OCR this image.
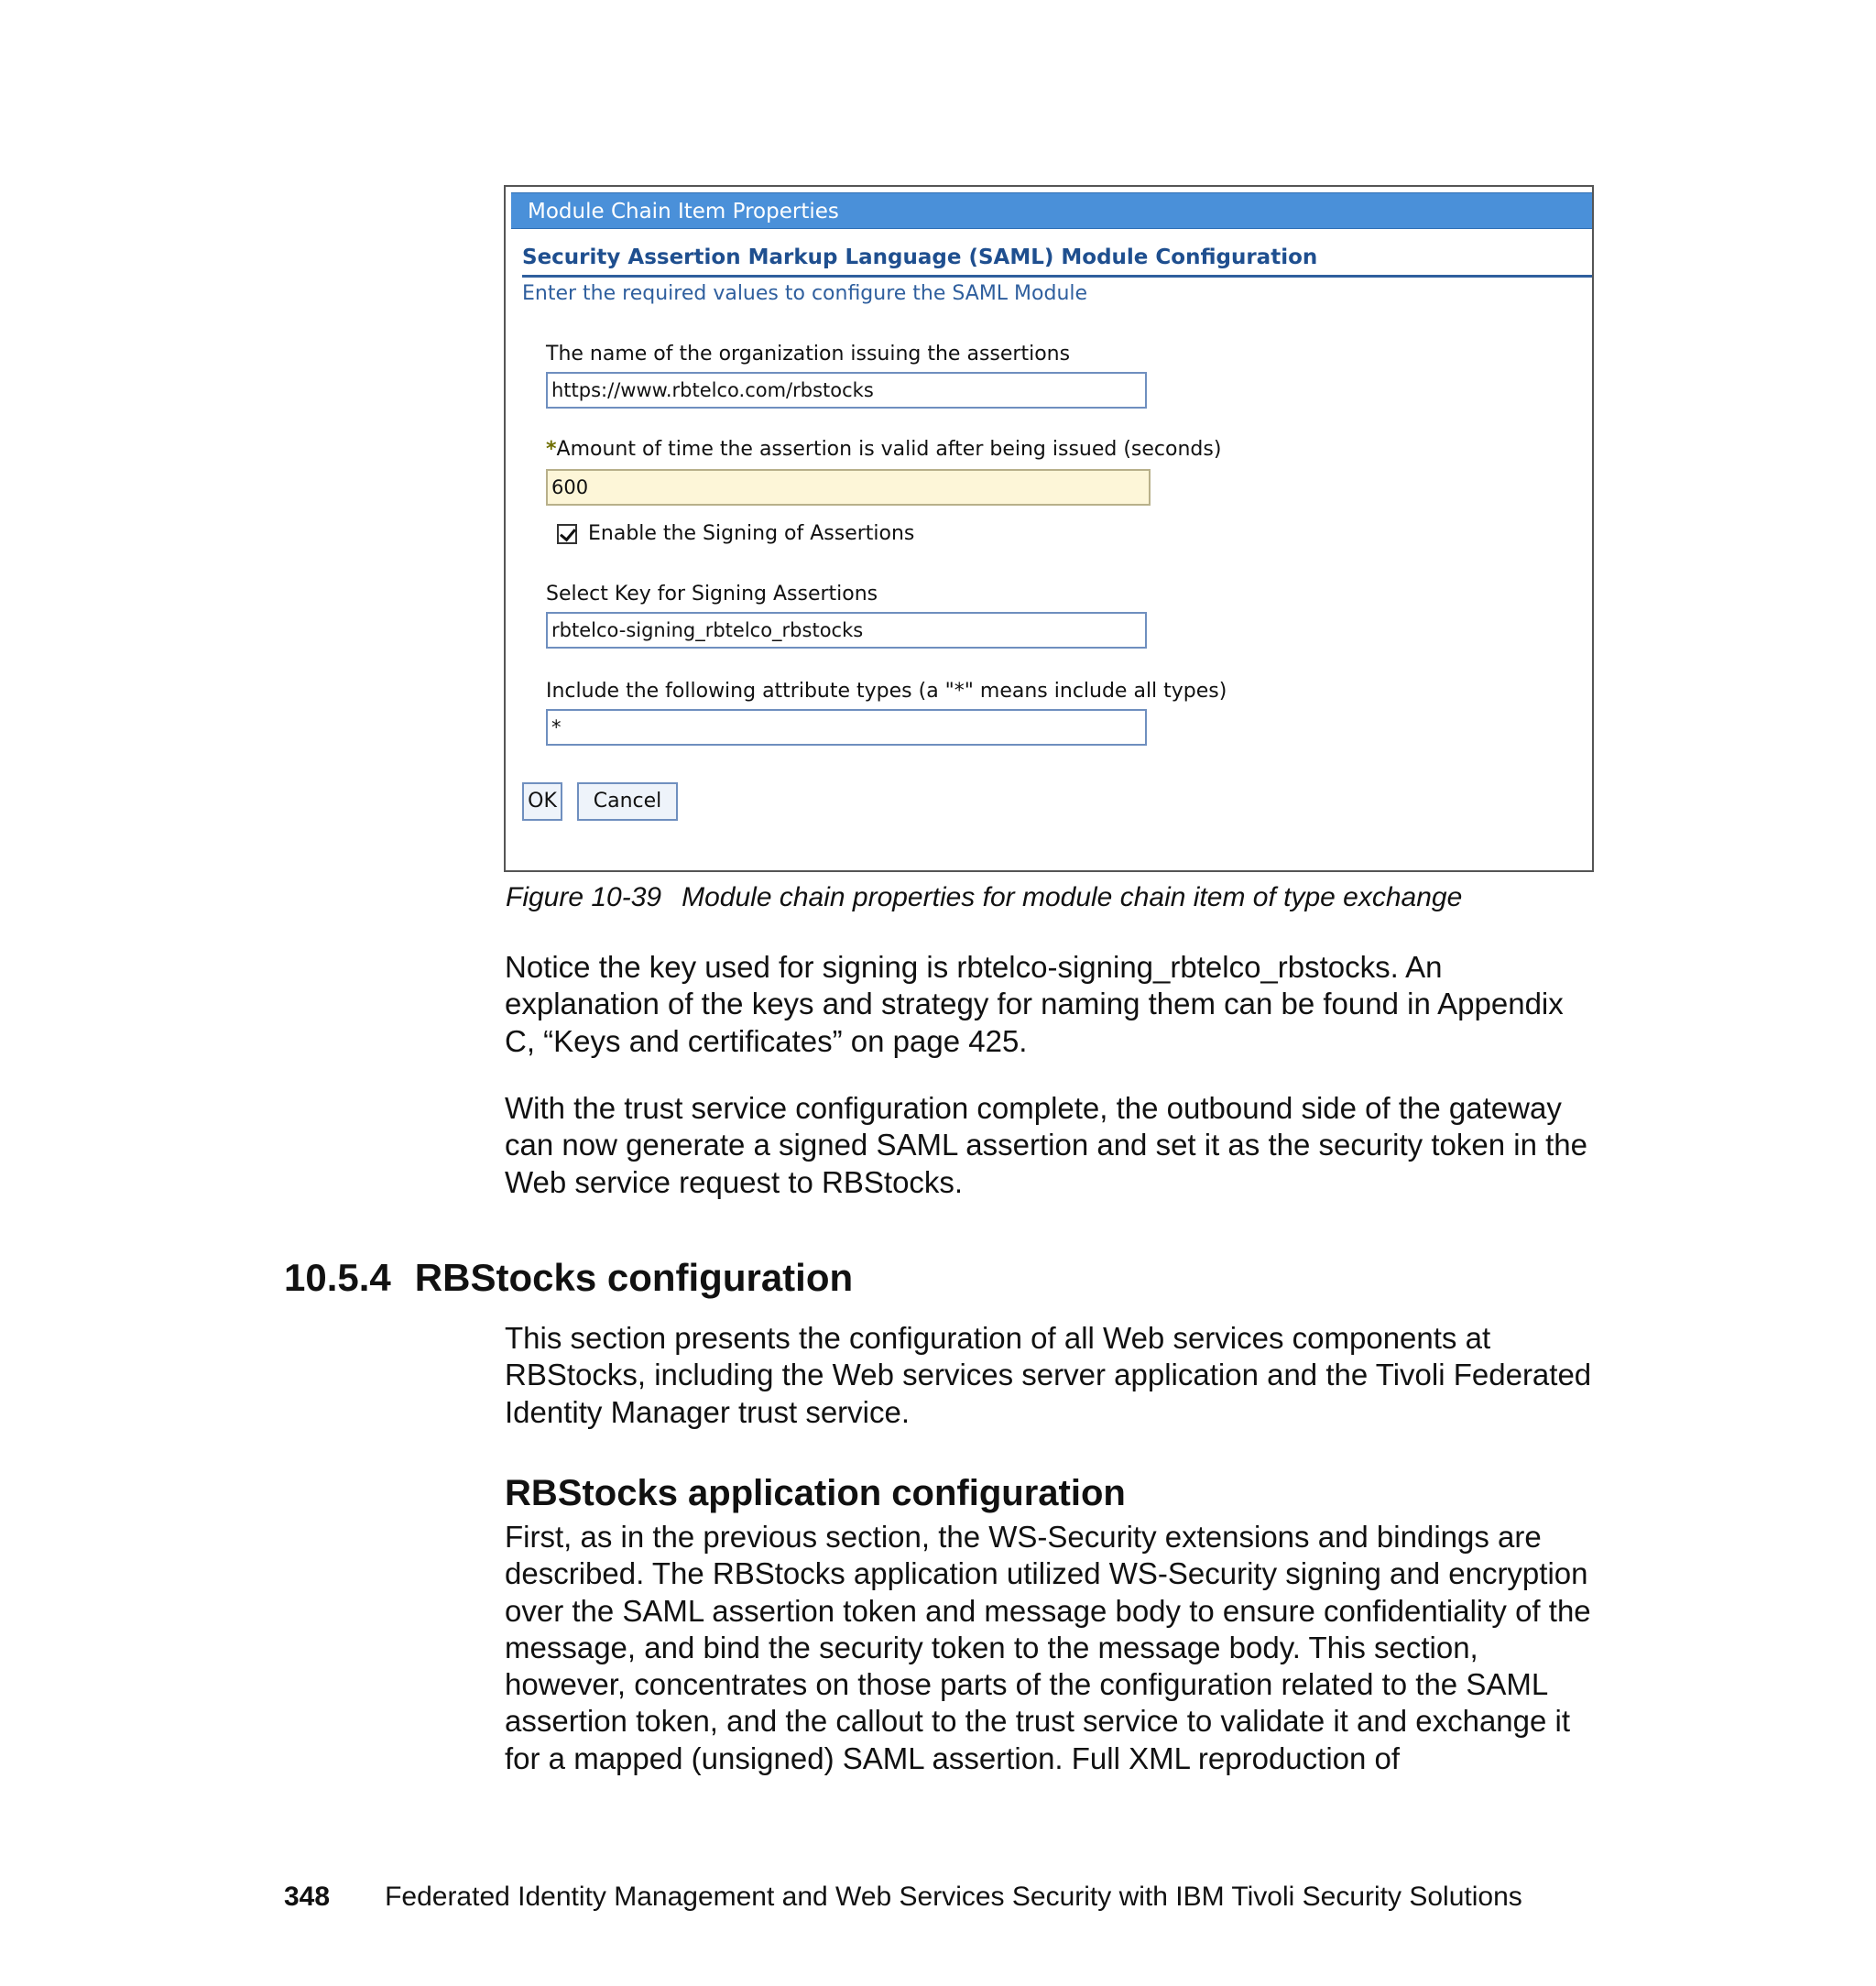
Module Chain Item Properties
Security Assertion Markup Language (SAML) Module Configuration
Enter the required values to configure the SAML Module
The name of the organization issuing the assertions
https://www.rbtelco.com/rbstocks
*Amount of time the assertion is valid after being issued (seconds)
600
Enable the Signing of Assertions
Select Key for Signing Assertions
rbtelco-signing_rbtelco_rbstocks
Include the following attribute types (a "*" means include all types)
*
OK	Cancel
Figure 10-39 Module chain properties for module chain item of type exchange

Notice the key used for signing is rbtelco-signing_rbtelco_rbstocks. An explanation of the keys and strategy for naming them can be found in Appendix C, “Keys and certificates” on page 425.

With the trust service configuration complete, the outbound side of the gateway can now generate a signed SAML assertion and set it as the security token in the Web service request to RBStocks.

10.5.4 RBStocks configuration

This section presents the configuration of all Web services components at RBStocks, including the Web services server application and the Tivoli Federated Identity Manager trust service.

RBStocks application configuration

First, as in the previous section, the WS-Security extensions and bindings are described. The RBStocks application utilized WS-Security signing and encryption over the SAML assertion token and message body to ensure confidentiality of the message, and bind the security token to the message body. This section, however, concentrates on those parts of the configuration related to the SAML assertion token, and the callout to the trust service to validate it and exchange it for a mapped (unsigned) SAML assertion. Full XML reproduction of

348 Federated Identity Management and Web Services Security with IBM Tivoli Security Solutions
